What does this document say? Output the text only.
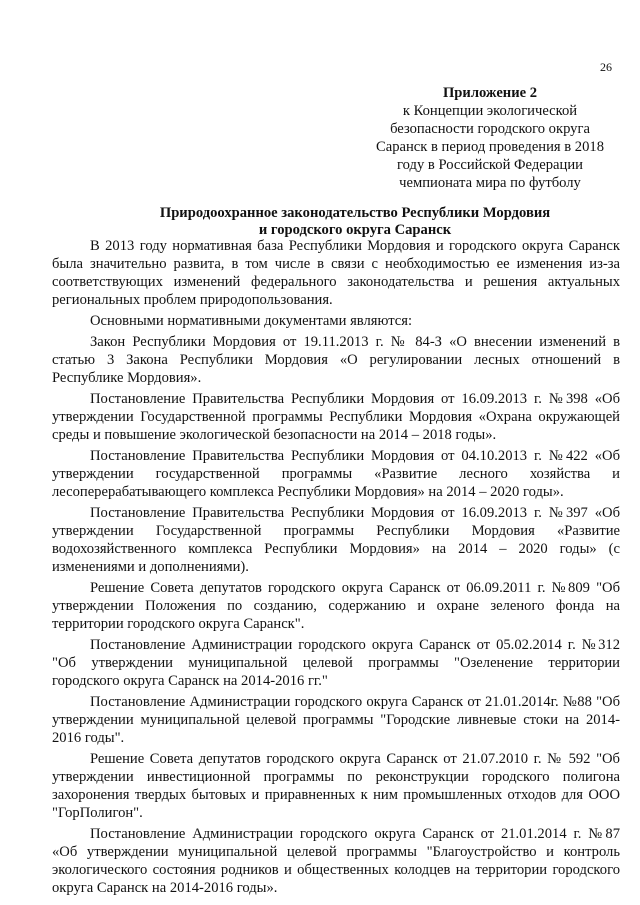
26
Приложение 2
к Концепции экологической
безопасности городского округа
Саранск в период проведения в 2018
году в Российской Федерации
чемпионата мира по футболу
Природоохранное законодательство Республики Мордовия
и городского округа Саранск

В 2013 году нормативная база Республики Мордовия и городского округа Саранск была значительно развита, в том числе в связи с необходимостью ее изменения из-за соответствующих изменений федерального законодательства и решения актуальных региональных проблем природопользования.

Основными нормативными документами являются:

Закон Республики Мордовия от 19.11.2013 г. № 84-З «О внесении изменений в статью 3 Закона Республики Мордовия «О регулировании лесных отношений в Республике Мордовия».

Постановление Правительства Республики Мордовия от 16.09.2013 г. №398 «Об утверждении Государственной программы Республики Мордовия «Охрана окружающей среды и повышение экологической безопасности на 2014 – 2018 годы».

Постановление Правительства Республики Мордовия от 04.10.2013 г. №422 «Об утверждении государственной программы «Развитие лесного хозяйства и лесоперерабатывающего комплекса Республики Мордовия» на 2014 – 2020 годы».

Постановление Правительства Республики Мордовия от 16.09.2013 г. №397 «Об утверждении Государственной программы Республики Мордовия «Развитие водохозяйственного комплекса Республики Мордовия» на 2014 – 2020 годы» (с изменениями и дополнениями).

Решение Совета депутатов городского округа Саранск от 06.09.2011 г. №809 "Об утверждении Положения по созданию, содержанию и охране зеленого фонда на территории городского округа Саранск".

Постановление Администрации городского округа Саранск от 05.02.2014 г. №312 "Об утверждении муниципальной целевой программы "Озеленение территории городского округа Саранск на 2014-2016 гг."

Постановление Администрации городского округа Саранск от 21.01.2014г. №88 "Об утверждении муниципальной целевой программы "Городские ливневые стоки на 2014-2016 годы".

Решение Совета депутатов городского округа Саранск от 21.07.2010 г. № 592 "Об утверждении инвестиционной программы по реконструкции городского полигона захоронения твердых бытовых и приравненных к ним промышленных отходов для ООО "ГорПолигон".

Постановление Администрации городского округа Саранск от 21.01.2014 г. №87 «Об утверждении муниципальной целевой программы "Благоустройство и контроль экологического состояния родников и общественных колодцев на территории городского округа Саранск на 2014-2016 годы».
